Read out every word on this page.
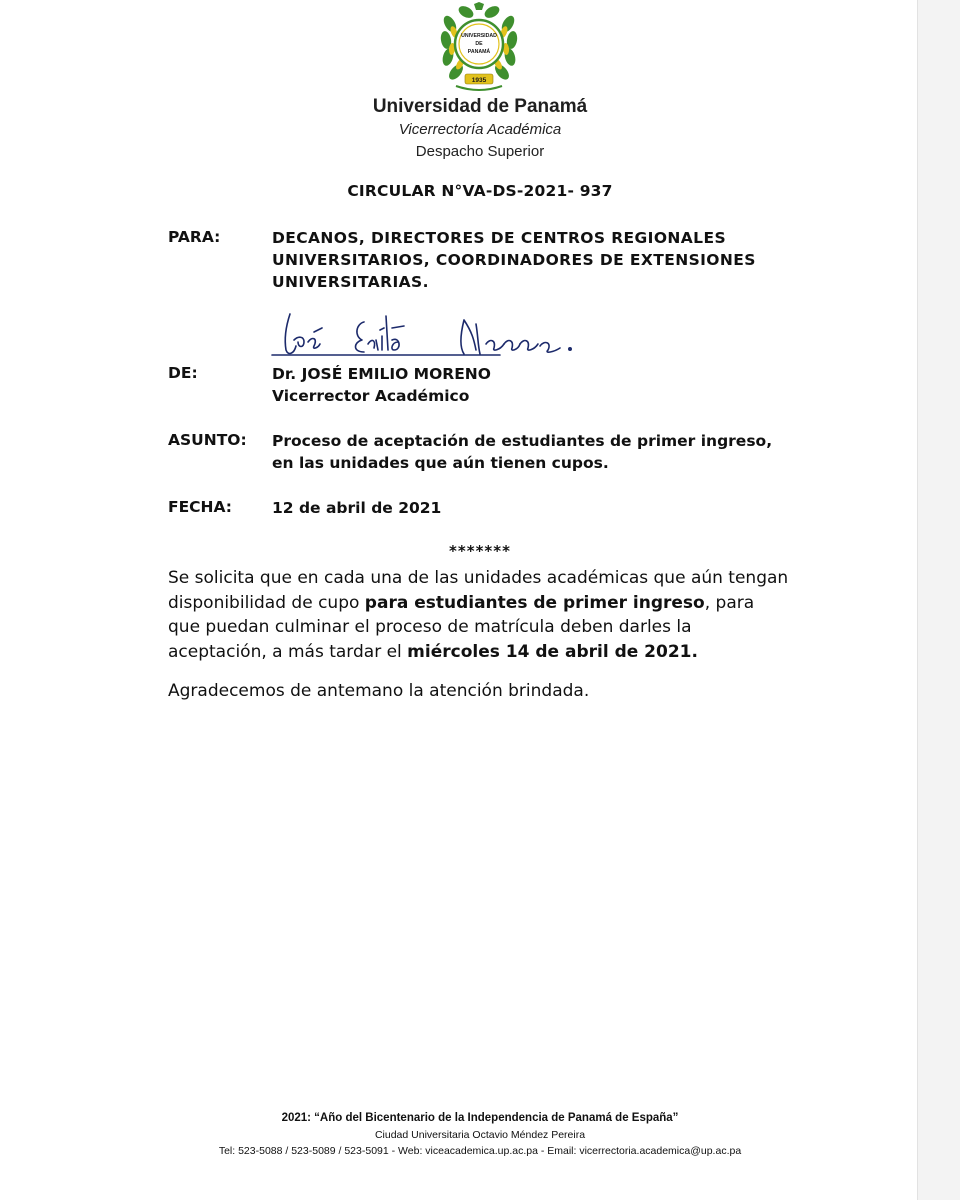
UNIVERSIDAD
DE
PANAMÁ
1935
Universidad de Panamá
Vicerrectoría Académica
Despacho Superior
CIRCULAR N°VA-DS-2021- 937
PARA:	DECANOS, DIRECTORES DE CENTROS REGIONALES
UNIVERSITARIOS, COORDINADORES DE EXTENSIONES
UNIVERSITARIAS.
DE:	Dr. JOSÉ EMILIO MORENO
Vicerrector Académico
ASUNTO: Proceso de aceptación de estudiantes de primer ingreso,
en las unidades que aún tienen cupos.
FECHA:	12 de abril de 2021
*******
Se solicita que en cada una de las unidades académicas que aún tengan
disponibilidad de cupo para estudiantes de primer ingreso, para
que puedan culminar el proceso de matrícula deben darles la
aceptación, a más tardar el miércoles 14 de abril de 2021.
Agradecemos de antemano la atención brindada.
2021: “Año del Bicentenario de la Independencia de Panamá de España”
Ciudad Universitaria Octavio Méndez Pereira
Tel: 523-5088 / 523-5089 / 523-5091 - Web: viceacademica.up.ac.pa - Email: vicerrectoria.academica@up.ac.pa
